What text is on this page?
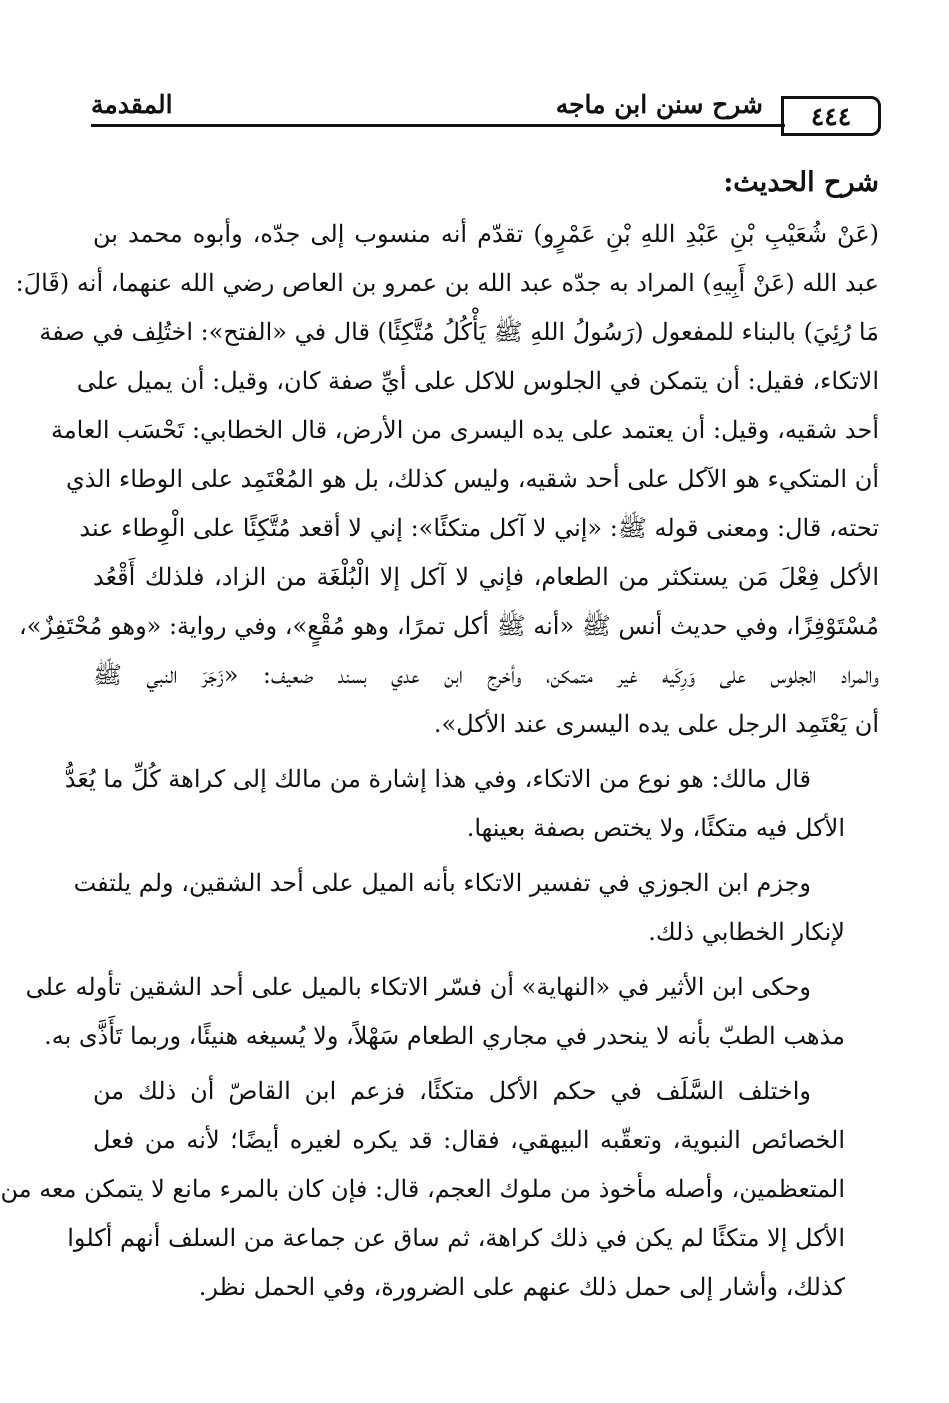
٤٤٤
شرح سنن ابن ماجه
المقدمة
شرح الحديث:
(عَنْ شُعَيْبِ بْنِ عَبْدِ اللهِ بْنِ عَمْرٍو) تقدّم أنه منسوب إلى جدّه، وأبوه محمد بن
عبد الله (عَنْ أَبِيهِ) المراد به جدّه عبد الله بن عمرو بن العاص رضي الله عنهما، أنه (قَالَ:
مَا رُئِيَ) بالبناء للمفعول (رَسُولُ اللهِ ﷺ يَأْكُلُ مُتَّكِئًا) قال في «الفتح»: اختُلِف في صفة
الاتكاء، فقيل: أن يتمكن في الجلوس للاكل على أيِّ صفة كان، وقيل: أن يميل على
أحد شقيه، وقيل: أن يعتمد على يده اليسرى من الأرض، قال الخطابي: تَحْسَب العامة
أن المتكيء هو الآكل على أحد شقيه، وليس كذلك، بل هو المُعْتَمِد على الوطاء الذي
تحته، قال: ومعنى قوله ﷺ: «إني لا آكل متكئًا»: إني لا أقعد مُتَّكِئًا على الْوِطاء عند
الأكل فِعْلَ مَن يستكثر من الطعام، فإني لا آكل إلا الْبُلْغَة من الزاد، فلذلك أَقْعُد
مُسْتَوْفِزًا، وفي حديث أنس ﷺ «أنه ﷺ أكل تمرًا، وهو مُقْعٍ»، وفي رواية: «وهو مُحْتَفِزٌ»،
والمراد الجلوس على وَرِكَيه غير متمكن، وأخرج ابن عدي بسند ضعيف: «زَجَرَ النبي ﷺ
أن يَعْتَمِد الرجل على يده اليسرى عند الأكل».
قال مالك: هو نوع من الاتكاء، وفي هذا إشارة من مالك إلى كراهة كُلِّ ما يُعَدُّ
الأكل فيه متكئًا، ولا يختص بصفة بعينها.
وجزم ابن الجوزي في تفسير الاتكاء بأنه الميل على أحد الشقين، ولم يلتفت
لإنكار الخطابي ذلك.
وحكى ابن الأثير في «النهاية» أن فسّر الاتكاء بالميل على أحد الشقين تأوله على
مذهب الطبّ بأنه لا ينحدر في مجاري الطعام سَهْلاً، ولا يُسيغه هنيئًا، وربما تَأَذَّى به.
واختلف السَّلَف في حكم الأكل متكئًا، فزعم ابن القاصّ أن ذلك من
الخصائص النبوية، وتعقّبه البيهقي، فقال: قد يكره لغيره أيضًا؛ لأنه من فعل
المتعظمين، وأصله مأخوذ من ملوك العجم، قال: فإن كان بالمرء مانع لا يتمكن معه من
الأكل إلا متكئًا لم يكن في ذلك كراهة، ثم ساق عن جماعة من السلف أنهم أكلوا
كذلك، وأشار إلى حمل ذلك عنهم على الضرورة، وفي الحمل نظر.
